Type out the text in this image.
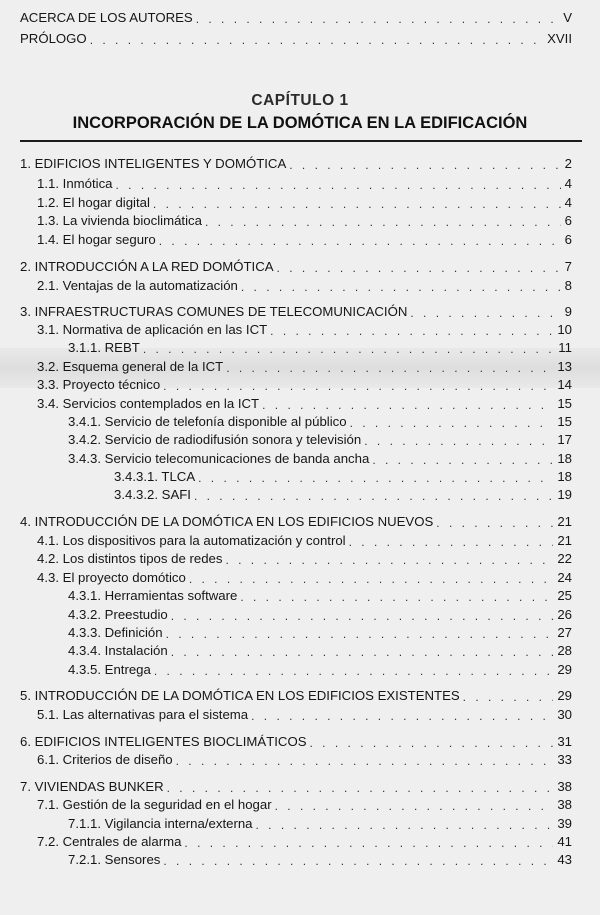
ACERCA DE LOS AUTORES . . .	V
PRÓLOGO . . .	XVII
CAPÍTULO 1
INCORPORACIÓN DE LA DOMÓTICA EN LA EDIFICACIÓN
1. EDIFICIOS INTELIGENTES Y DOMÓTICA . . .	2
1.1. Inmótica . . .	4
1.2. El hogar digital . . .	4
1.3. La vivienda bioclimática . . .	6
1.4. El hogar seguro . . .	6
2. INTRODUCCIÓN A LA RED DOMÓTICA . . .	7
2.1. Ventajas de la automatización . . .	8
3. INFRAESTRUCTURAS COMUNES DE TELECOMUNICACIÓN . . .	9
3.1. Normativa de aplicación en las ICT . . .	10
3.1.1. REBT . . .	11
3.2. Esquema general de la ICT . . .	13
3.3. Proyecto técnico . . .	14
3.4. Servicios contemplados en la ICT . . .	15
3.4.1. Servicio de telefonía disponible al público . . .	15
3.4.2. Servicio de radiodifusión sonora y televisión . . .	17
3.4.3. Servicio telecomunicaciones de banda ancha . . .	18
3.4.3.1. TLCA . . .	18
3.4.3.2. SAFI . . .	19
4. INTRODUCCIÓN DE LA DOMÓTICA EN LOS EDIFICIOS NUEVOS . . .	21
4.1. Los dispositivos para la automatización y control . . .	21
4.2. Los distintos tipos de redes . . .	22
4.3. El proyecto domótico . . .	24
4.3.1. Herramientas software . . .	25
4.3.2. Preestudio . . .	26
4.3.3. Definición . . .	27
4.3.4. Instalación . . .	28
4.3.5. Entrega . . .	29
5. INTRODUCCIÓN DE LA DOMÓTICA EN LOS EDIFICIOS EXISTENTES . . .	29
5.1. Las alternativas para el sistema . . .	30
6. EDIFICIOS INTELIGENTES BIOCLIMÁTICOS . . .	31
6.1. Criterios de diseño . . .	33
7. VIVIENDAS BUNKER . . .	38
7.1. Gestión de la seguridad en el hogar . . .	38
7.1.1. Vigilancia interna/externa . . .	39
7.2. Centrales de alarma . . .	41
7.2.1. Sensores . . .	43
